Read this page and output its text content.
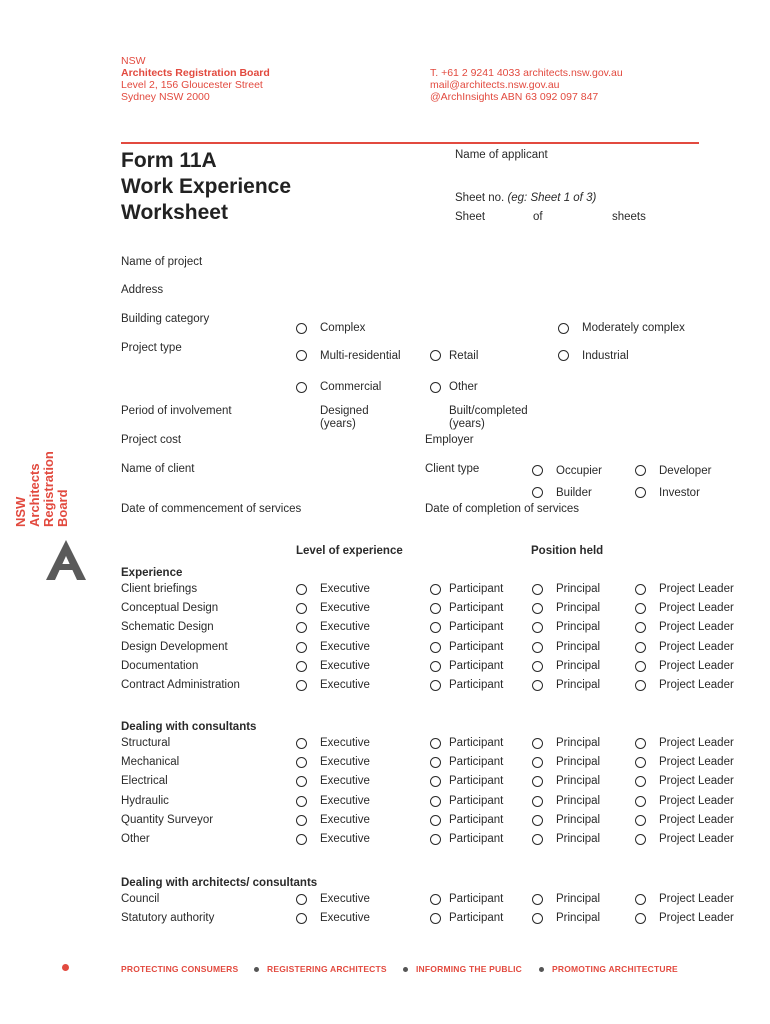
NSW
Architects Registration Board
Level 2, 156 Gloucester Street
Sydney NSW 2000
T. +61 2 9241 4033 architects.nsw.gov.au
mail@architects.nsw.gov.au
@ArchInsights ABN 63 092 097 847
Form 11A
Work Experience
Worksheet
Name of applicant
Sheet no. (eg: Sheet 1 of 3)
Sheet	of	sheets
Name of project
Address
Building category
Project type
Complex	Moderately complex
Multi-residential	Retail	Industrial
Commercial	Other
Period of involvement	Designed
(years)
Built/completed
(years)
Project cost	Employer
Name of client	Client type	Occupier	Developer
Builder	Investor
Date of commencement of services	Date of completion of services
Level of experience	Position held
Experience
Client briefings	Executive	Participant	Principal	Project Leader
Conceptual Design	Executive	Participant	Principal	Project Leader
Schematic Design	Executive	Participant	Principal	Project Leader
Design Development	Executive	Participant	Principal	Project Leader
Documentation	Executive	Participant	Principal	Project Leader
Contract Administration	Executive	Participant	Principal	Project Leader
Dealing with consultants
Structural	Executive	Participant	Principal	Project Leader
Mechanical	Executive	Participant	Principal	Project Leader
Electrical	Executive	Participant	Principal	Project Leader
Hydraulic	Executive	Participant	Principal	Project Leader
Quantity Surveyor	Executive	Participant	Principal	Project Leader
Other	Executive	Participant	Principal	Project Leader
Dealing with architects/ consultants
Council	Executive	Participant	Principal	Project Leader
Statutory authority	Executive	Participant	Principal	Project Leader
NSW Architects Registration Board
PROTECTING CONSUMERS	REGISTERING ARCHITECTS	INFORMING THE PUBLIC	PROMOTING ARCHITECTURE
